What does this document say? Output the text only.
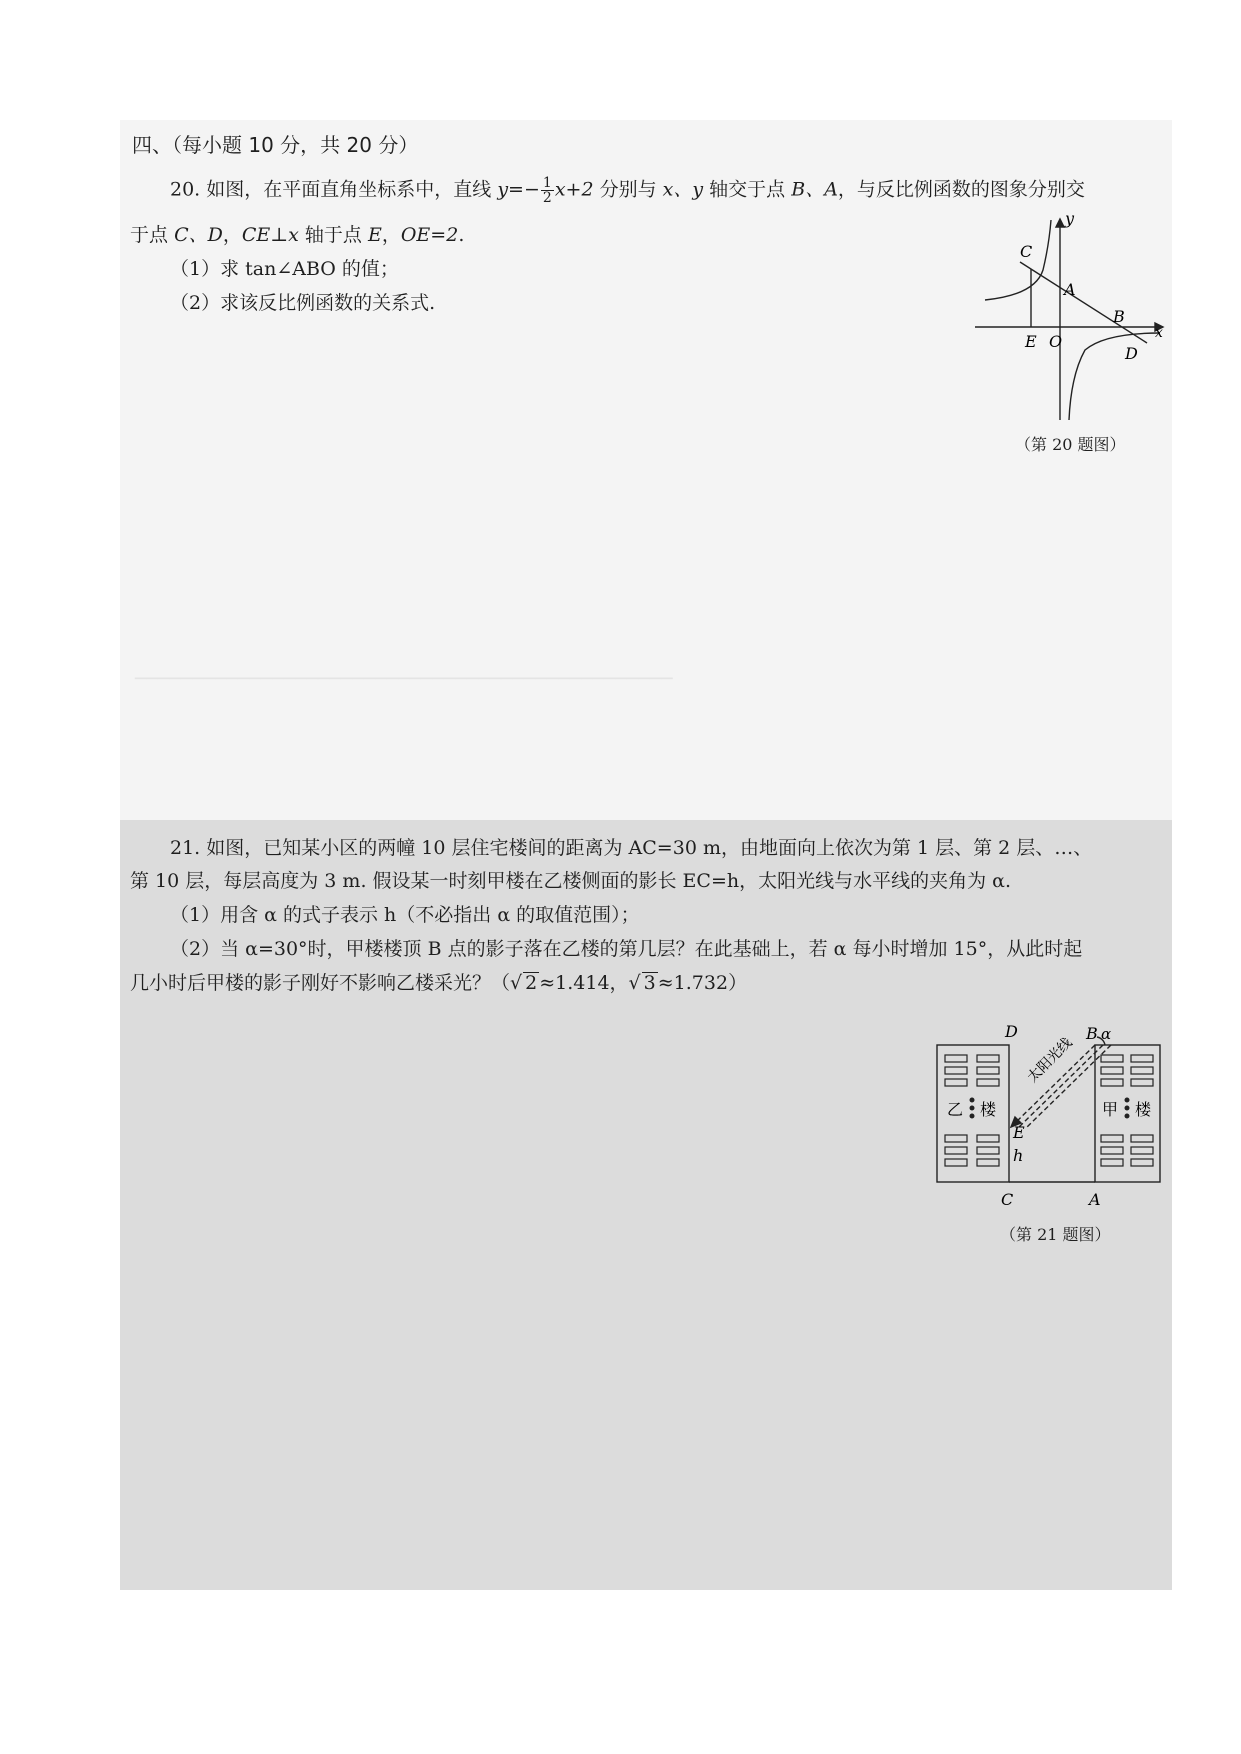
───────────────────────────────────────────────
四、（每小题 10 分，共 20 分）
20. 如图，在平面直角坐标系中，直线 $y=- \frac{1}{2} x+2$ 分别与 x、y 轴交于点 B、A，与反比例函数的图象分别交
于点 C、D，CE⊥x 轴于点 E，OE=2.
（1）求 tan∠ABO 的值；
（2）求该反比例函数的关系式.
C
y
A
B
x
E O
D
（第 20 题图）
21. 如图，已知某小区的两幢 10 层住宅楼间的距离为 AC=30 m，由地面向上依次为第 1 层、第 2 层、…、
第 10 层，每层高度为 3 m. 假设某一时刻甲楼在乙楼侧面的影长 EC=h，太阳光线与水平线的夹角为 α.
（1）用含 α 的式子表示 h（不必指出 α 的取值范围）；
（2）当 α=30°时，甲楼楼顶 B 点的影子落在乙楼的第几层？在此基础上，若 α 每小时增加 15°，从此时起
几小时后甲楼的影子刚好不影响乙楼采光？（√ 2 ≈1.414，√ 3 ≈1.732）
D	B α
太阳光线
乙 楼	甲 楼
E
h
C	A
（第 21 题图）
